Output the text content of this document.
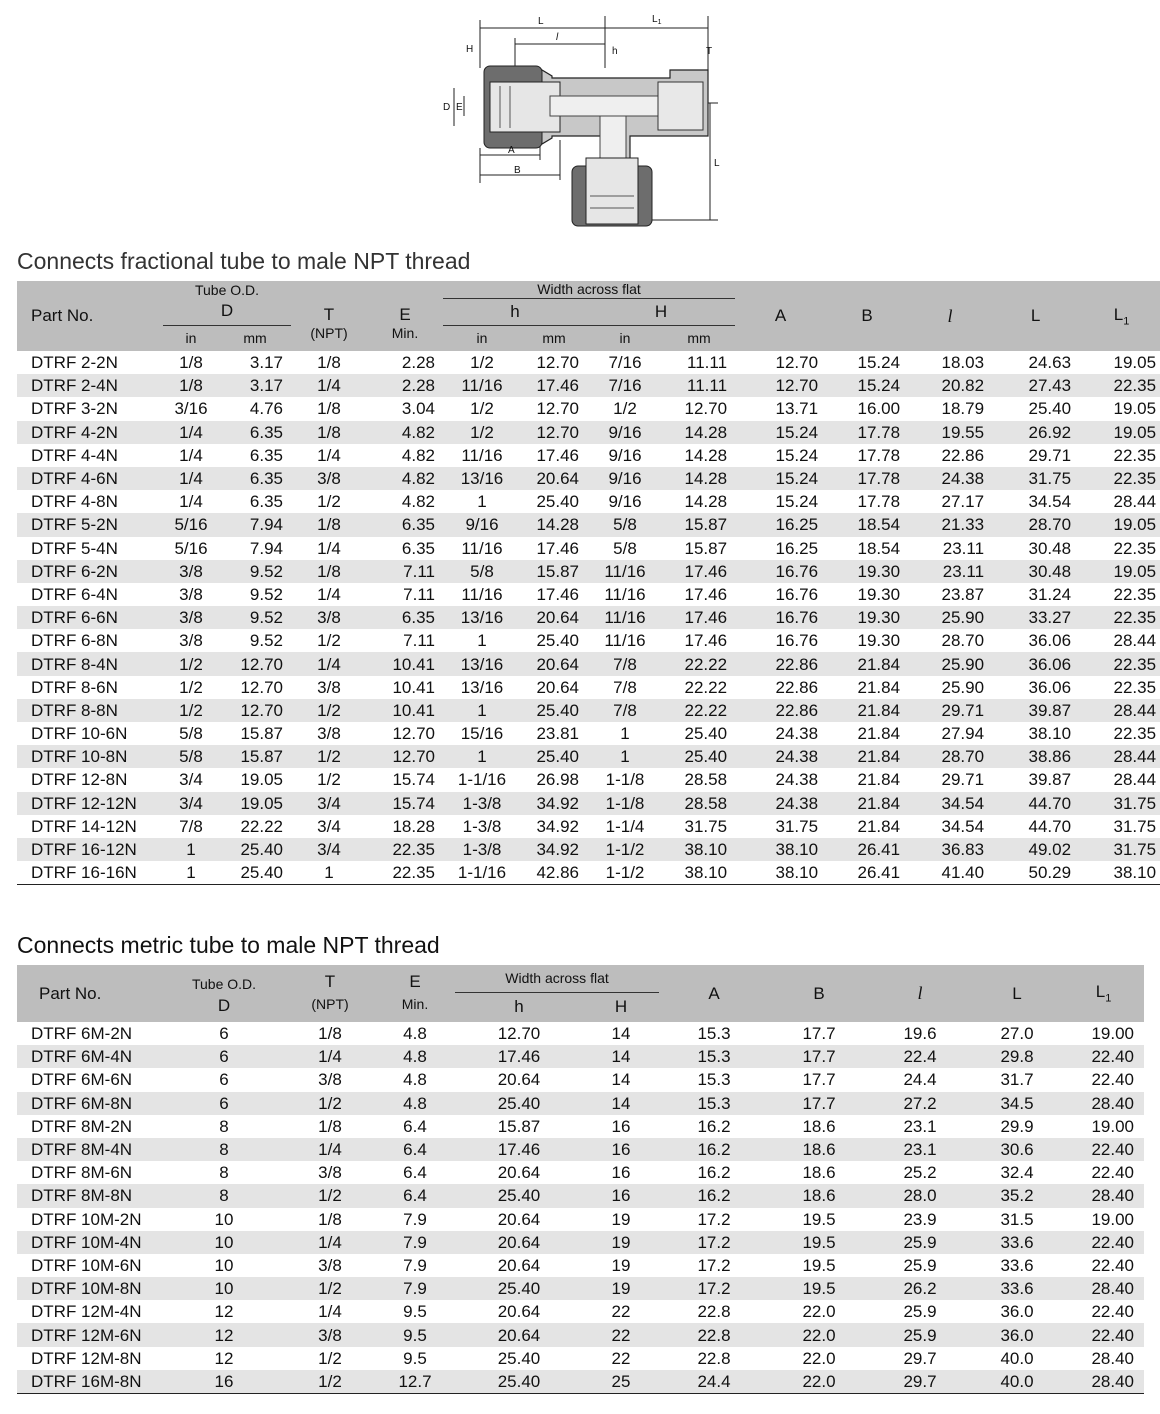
L	$L_1$
l
H	h	T
D E
A
B
L
Connects fractional tube to male NPT thread
Part No.	Tube O.D.		T	E	Width across flat				A	B	l	L	$L_1$
	D				h		H						
	in	mm	(NPT)	Min.	in	mm	in	mm					
DTRF 2-2N	1/8	3.17	1/8	2.28	1/2	12.70	7/16	11.11	12.70	15.24	18.03	24.63	19.05
DTRF 2-4N	1/8	3.17	1/4	2.28	11/16	17.46	7/16	11.11	12.70	15.24	20.82	27.43	22.35
DTRF 3-2N	3/16	4.76	1/8	3.04	1/2	12.70	1/2	12.70	13.71	16.00	18.79	25.40	19.05
DTRF 4-2N	1/4	6.35	1/8	4.82	1/2	12.70	9/16	14.28	15.24	17.78	19.55	26.92	19.05
DTRF 4-4N	1/4	6.35	1/4	4.82	11/16	17.46	9/16	14.28	15.24	17.78	22.86	29.71	22.35
DTRF 4-6N	1/4	6.35	3/8	4.82	13/16	20.64	9/16	14.28	15.24	17.78	24.38	31.75	22.35
DTRF 4-8N	1/4	6.35	1/2	4.82	1	25.40	9/16	14.28	15.24	17.78	27.17	34.54	28.44
DTRF 5-2N	5/16	7.94	1/8	6.35	9/16	14.28	5/8	15.87	16.25	18.54	21.33	28.70	19.05
DTRF 5-4N	5/16	7.94	1/4	6.35	11/16	17.46	5/8	15.87	16.25	18.54	23.11	30.48	22.35
DTRF 6-2N	3/8	9.52	1/8	7.11	5/8	15.87	11/16	17.46	16.76	19.30	23.11	30.48	19.05
DTRF 6-4N	3/8	9.52	1/4	7.11	11/16	17.46	11/16	17.46	16.76	19.30	23.87	31.24	22.35
DTRF 6-6N	3/8	9.52	3/8	6.35	13/16	20.64	11/16	17.46	16.76	19.30	25.90	33.27	22.35
DTRF 6-8N	3/8	9.52	1/2	7.11	1	25.40	11/16	17.46	16.76	19.30	28.70	36.06	28.44
DTRF 8-4N	1/2	12.70	1/4	10.41	13/16	20.64	7/8	22.22	22.86	21.84	25.90	36.06	22.35
DTRF 8-6N	1/2	12.70	3/8	10.41	13/16	20.64	7/8	22.22	22.86	21.84	25.90	36.06	22.35
DTRF 8-8N	1/2	12.70	1/2	10.41	1	25.40	7/8	22.22	22.86	21.84	29.71	39.87	28.44
DTRF 10-6N	5/8	15.87	3/8	12.70	15/16	23.81	1	25.40	24.38	21.84	27.94	38.10	22.35
DTRF 10-8N	5/8	15.87	1/2	12.70	1	25.40	1	25.40	24.38	21.84	28.70	38.86	28.44
DTRF 12-8N	3/4	19.05	1/2	15.74	1-1/16	26.98	1-1/8	28.58	24.38	21.84	29.71	39.87	28.44
DTRF 12-12N	3/4	19.05	3/4	15.74	1-3/8	34.92	1-1/8	28.58	24.38	21.84	34.54	44.70	31.75
DTRF 14-12N	7/8	22.22	3/4	18.28	1-3/8	34.92	1-1/4	31.75	31.75	21.84	34.54	44.70	31.75
DTRF 16-12N	1	25.40	3/4	22.35	1-3/8	34.92	1-1/2	38.10	38.10	26.41	36.83	49.02	31.75
DTRF 16-16N	1	25.40	1	22.35	1-1/16	42.86	1-1/2	38.10	38.10	26.41	41.40	50.29	38.10
Connects metric tube to male NPT thread
Part No.	Tube O.D.	T	E	Width across flat		A	B	l	L	$L_1$
	D	(NPT)	Min.	h	H					
DTRF 6M-2N	6	1/8	4.8	12.70	14	15.3	17.7	19.6	27.0	19.00
DTRF 6M-4N	6	1/4	4.8	17.46	14	15.3	17.7	22.4	29.8	22.40
DTRF 6M-6N	6	3/8	4.8	20.64	14	15.3	17.7	24.4	31.7	22.40
DTRF 6M-8N	6	1/2	4.8	25.40	14	15.3	17.7	27.2	34.5	28.40
DTRF 8M-2N	8	1/8	6.4	15.87	16	16.2	18.6	23.1	29.9	19.00
DTRF 8M-4N	8	1/4	6.4	17.46	16	16.2	18.6	23.1	30.6	22.40
DTRF 8M-6N	8	3/8	6.4	20.64	16	16.2	18.6	25.2	32.4	22.40
DTRF 8M-8N	8	1/2	6.4	25.40	16	16.2	18.6	28.0	35.2	28.40
DTRF 10M-2N	10	1/8	7.9	20.64	19	17.2	19.5	23.9	31.5	19.00
DTRF 10M-4N	10	1/4	7.9	20.64	19	17.2	19.5	25.9	33.6	22.40
DTRF 10M-6N	10	3/8	7.9	20.64	19	17.2	19.5	25.9	33.6	22.40
DTRF 10M-8N	10	1/2	7.9	25.40	19	17.2	19.5	26.2	33.6	28.40
DTRF 12M-4N	12	1/4	9.5	20.64	22	22.8	22.0	25.9	36.0	22.40
DTRF 12M-6N	12	3/8	9.5	20.64	22	22.8	22.0	25.9	36.0	22.40
DTRF 12M-8N	12	1/2	9.5	25.40	22	22.8	22.0	29.7	40.0	28.40
DTRF 16M-8N	16	1/2	12.7	25.40	25	24.4	22.0	29.7	40.0	28.40
